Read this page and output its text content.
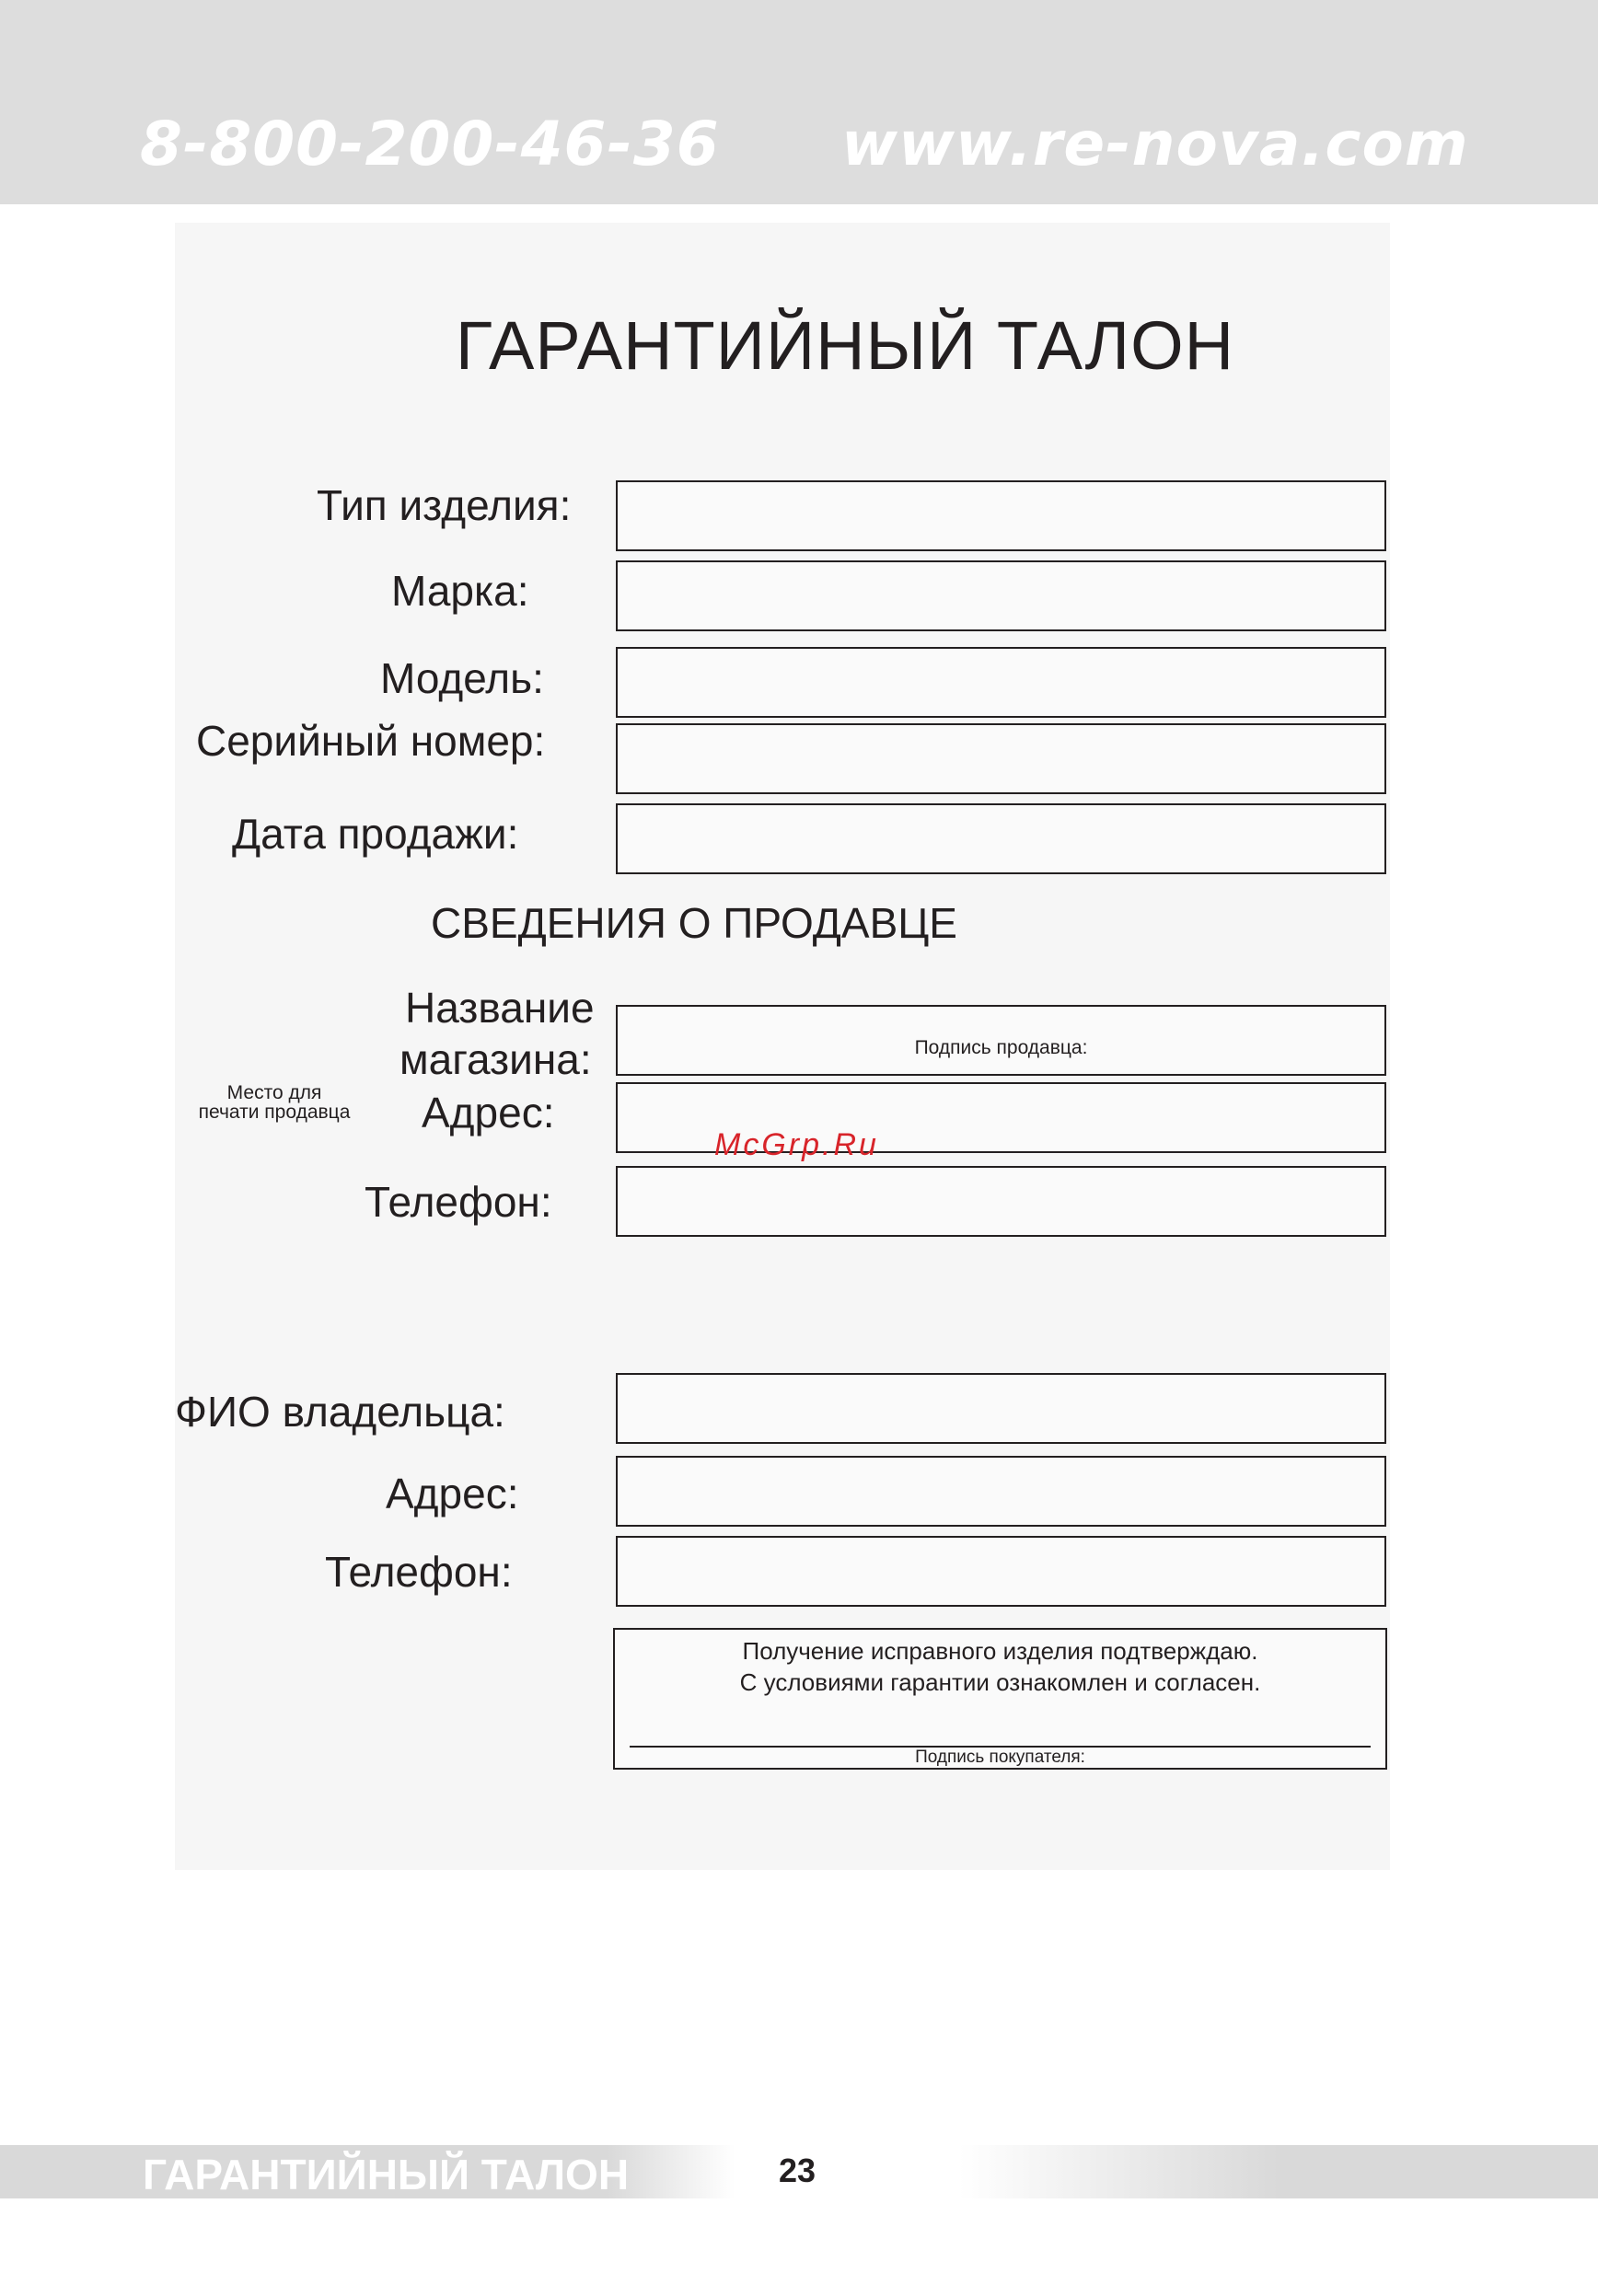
8-800-200-46-36 www.re-nova.com
ГАРАНТИЙНЫЙ ТАЛОН
Тип изделия:
Марка:
Модель:
Серийный номер:
Дата продажи:
СВЕДЕНИЯ О ПРОДАВЦЕ
Название
магазина:	Подпись продавца:
Место для
печати продавца Адрес:
McGrp.Ru
Телефон:
ФИО владельца:
Адрес:
Телефон:
Получение исправного изделия подтверждаю.
С условиями гарантии ознакомлен и согласен.
Подпись покупателя:
ГАРАНТИЙНЫЙ ТАЛОН	23
